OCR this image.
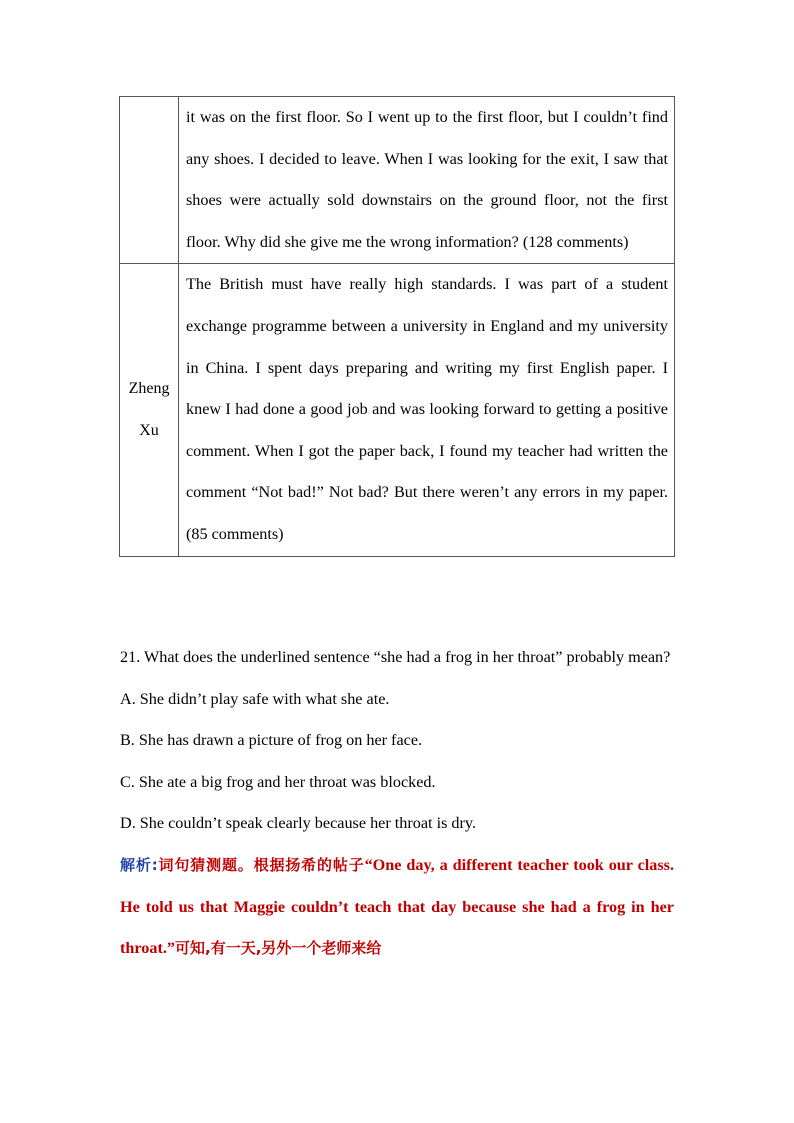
	it was on the first floor. So I went up to the first floor, but I couldn’t find any shoes. I decided to leave. When I was looking for the exit, I saw that shoes were actually sold downstairs on the ground floor, not the first floor. Why did she give me the wrong information? (128 comments)

Zheng
Xu	The British must have really high standards. I was part of a student exchange programme between a university in England and my university in China. I spent days preparing and writing my first English paper. I knew I had done a good job and was looking forward to getting a positive comment. When I got the paper back, I found my teacher had written the comment “Not bad!” Not bad? But there weren’t any errors in my paper. (85 comments)
21. What does the underlined sentence “she had a frog in her throat” probably mean?
A. She didn’t play safe with what she ate.
B. She has drawn a picture of frog on her face.
C. She ate a big frog and her throat was blocked.
D. She couldn’t speak clearly because her throat is dry.
解析:词句猜测题。根据扬希的帖子“One day, a different teacher took our class. He told us that Maggie couldn’t teach that day because she had a frog in her throat.”可知,有一天,另外一个老师来给
